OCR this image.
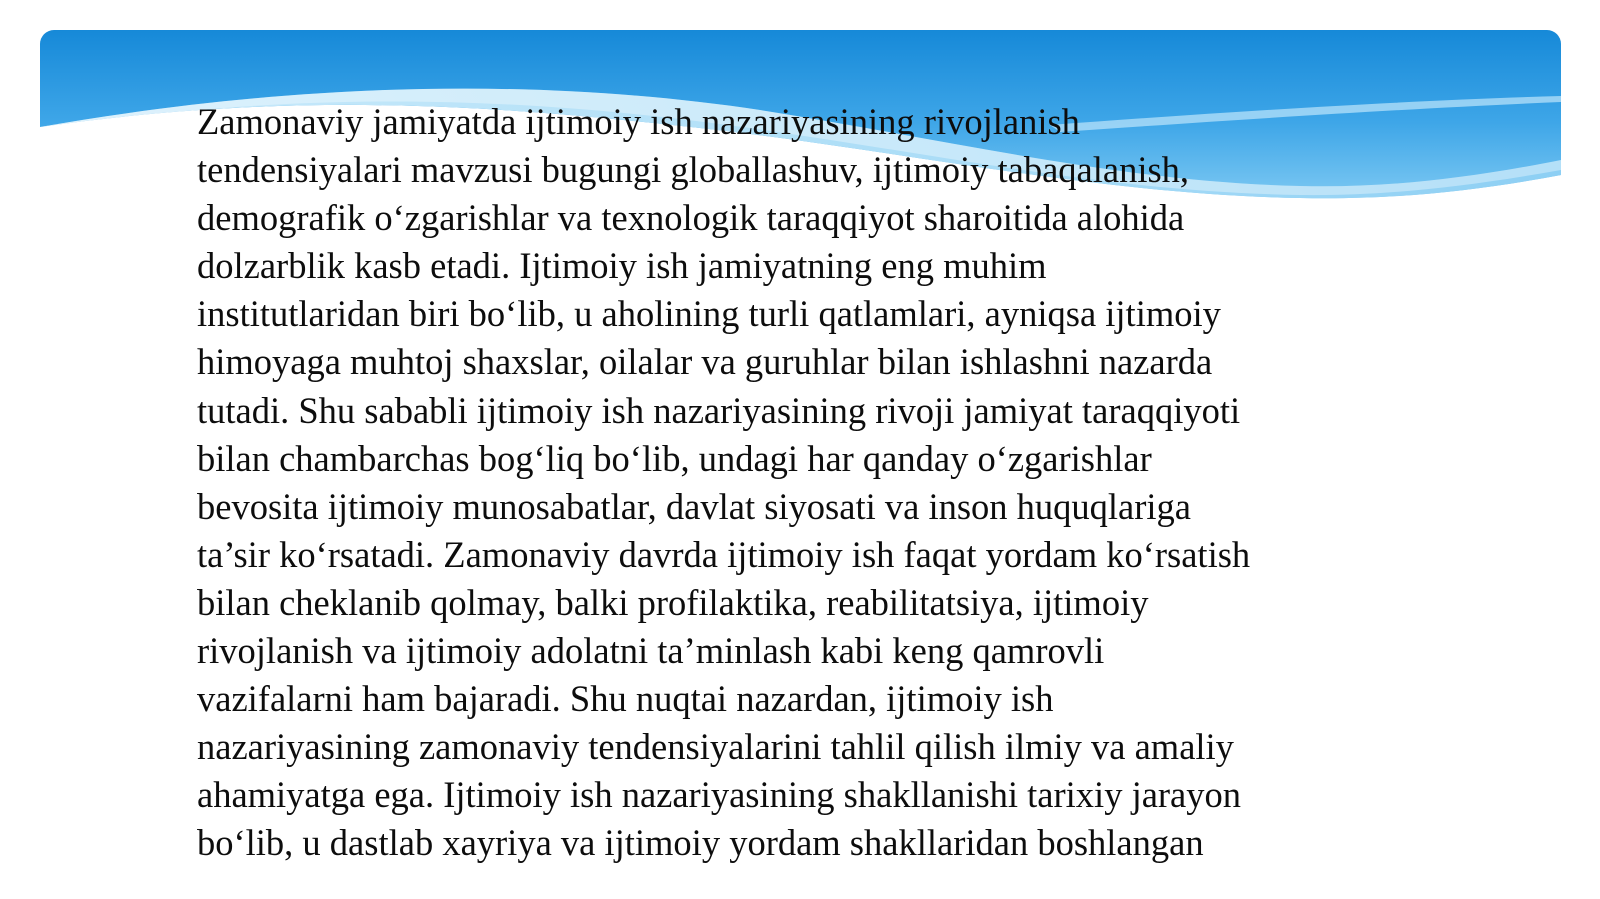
Zamonaviy jamiyatda ijtimoiy ish nazariyasining rivojlanish
tendensiyalari mavzusi bugungi globallashuv, ijtimoiy tabaqalanish,
demografik o‘zgarishlar va texnologik taraqqiyot sharoitida alohida
dolzarblik kasb etadi. Ijtimoiy ish jamiyatning eng muhim
institutlaridan biri bo‘lib, u aholining turli qatlamlari, ayniqsa ijtimoiy
himoyaga muhtoj shaxslar, oilalar va guruhlar bilan ishlashni nazarda
tutadi. Shu sababli ijtimoiy ish nazariyasining rivoji jamiyat taraqqiyoti
bilan chambarchas bog‘liq bo‘lib, undagi har qanday o‘zgarishlar
bevosita ijtimoiy munosabatlar, davlat siyosati va inson huquqlariga
ta’sir ko‘rsatadi. Zamonaviy davrda ijtimoiy ish faqat yordam ko‘rsatish
bilan cheklanib qolmay, balki profilaktika, reabilitatsiya, ijtimoiy
rivojlanish va ijtimoiy adolatni ta’minlash kabi keng qamrovli
vazifalarni ham bajaradi. Shu nuqtai nazardan, ijtimoiy ish
nazariyasining zamonaviy tendensiyalarini tahlil qilish ilmiy va amaliy
ahamiyatga ega. Ijtimoiy ish nazariyasining shakllanishi tarixiy jarayon
bo‘lib, u dastlab xayriya va ijtimoiy yordam shakllaridan boshlangan
